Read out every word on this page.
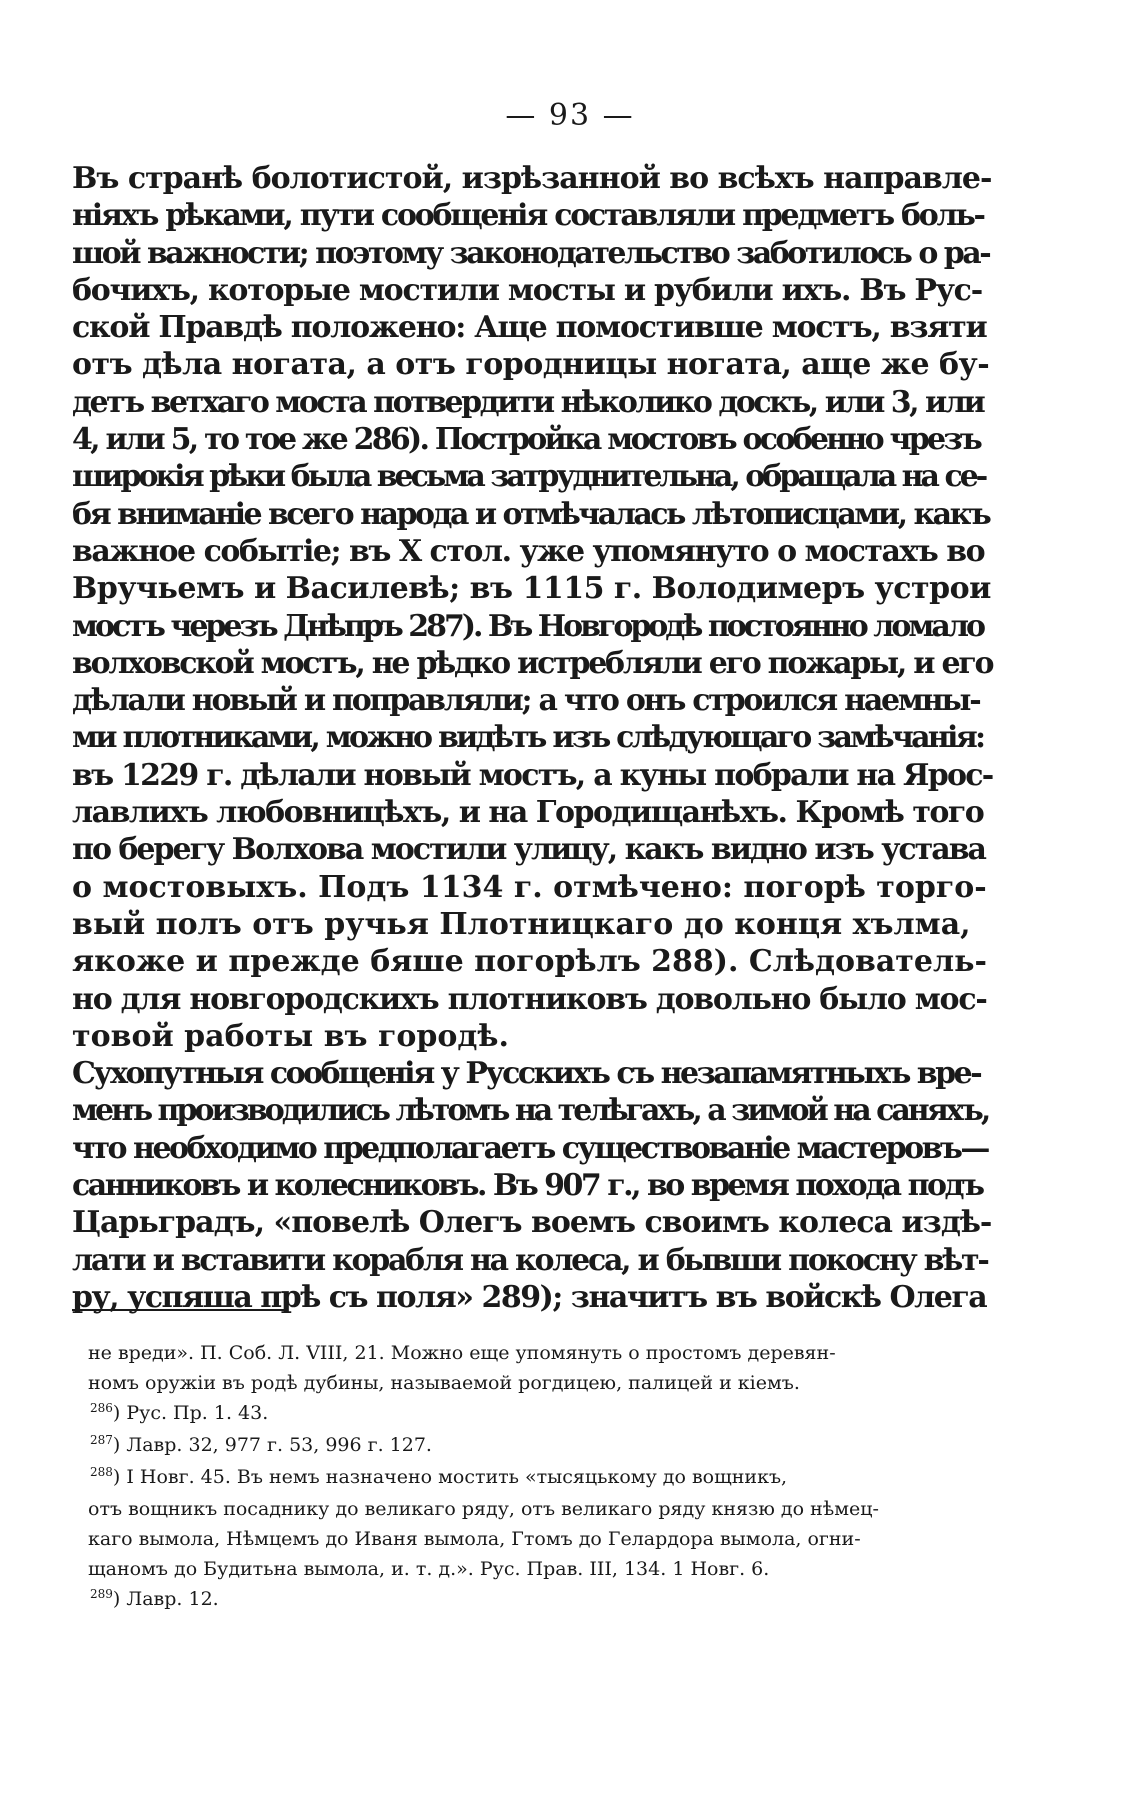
— 93 —
Въ странѣ болотистой, изрѣзанной во всѣхъ направле-
ніяхъ рѣками, пути сообщенія составляли предметъ боль-
шой важности; поэтому законодательство заботилось о ра-
бочихъ, которые мостили мосты и рубили ихъ. Въ Рус-
ской Правдѣ положено: Аще помостивше мостъ, взяти
отъ дѣла ногата, а отъ городницы ногата, аще же бу-
детъ ветхаго моста потвердити нѣколико доскъ, или 3, или
4, или 5, то тое же 286). Постройка мостовъ особенно чрезъ
широкія рѣки была весьма затруднительна, обращала на се-
бя вниманіе всего народа и отмѣчалась лѣтописцами, какъ
важное событіе; въ X стол. уже упомянуто о мостахъ во
Вручьемъ и Василевѣ; въ 1115 г. Володимеръ устрои
мостъ черезъ Днѣпръ 287). Въ Новгородѣ постоянно ломало
волховской мостъ, не рѣдко истребляли его пожары, и его
дѣлали новый и поправляли; а что онъ строился наемны-
ми плотниками, можно видѣть изъ слѣдующаго замѣчанія:
въ 1229 г. дѣлали новый мостъ, а куны побрали на Ярос-
лавлихъ любовницѣхъ, и на Городищанѣхъ. Кромѣ того
по берегу Волхова мостили улицу, какъ видно изъ устава
о мостовыхъ. Подъ 1134 г. отмѣчено: погорѣ торго-
вый полъ отъ ручья Плотницкаго до конця хълма,
якоже и прежде бяше погорѣлъ 288). Слѣдователь-
но для новгородскихъ плотниковъ довольно было мос-
товой работы въ городѣ.
Сухопутныя сообщенія у Русскихъ съ незапамятныхъ вре-
менъ производились лѣтомъ на телѣгахъ, а зимой на саняхъ,
что необходимо предполагаетъ существованіе мастеровъ—
санниковъ и колесниковъ. Въ 907 г., во время похода подъ
Царьградъ, «повелѣ Олегъ воемъ своимъ колеса издѣ-
лати и вставити корабля на колеса, и бывши покосну вѣт-
ру, успяша прѣ съ поля» 289); значитъ въ войскѣ Олега
не вреди». П. Соб. Л. VIII, 21. Можно еще упомянуть о простомъ деревян-
номъ оружіи въ родѣ дубины, называемой рогдицею, палицей и кіемъ.
$^{286}$) Рус. Пр. 1. 43.
$^{287}$) Лавр. 32, 977 г. 53, 996 г. 127.
$^{288}$) I Новг. 45. Въ немъ назначено мостить «тысяцькому до вощникъ,
отъ вощникъ посаднику до великаго ряду, отъ великаго ряду князю до нѣмец-
каго вымола, Нѣмцемъ до Иваня вымола, Гтомъ до Гелардора вымола, огни-
щаномъ до Будитьна вымола, и. т. д.». Рус. Прав. III, 134. 1 Новг. 6.
$^{289}$) Лавр. 12.
